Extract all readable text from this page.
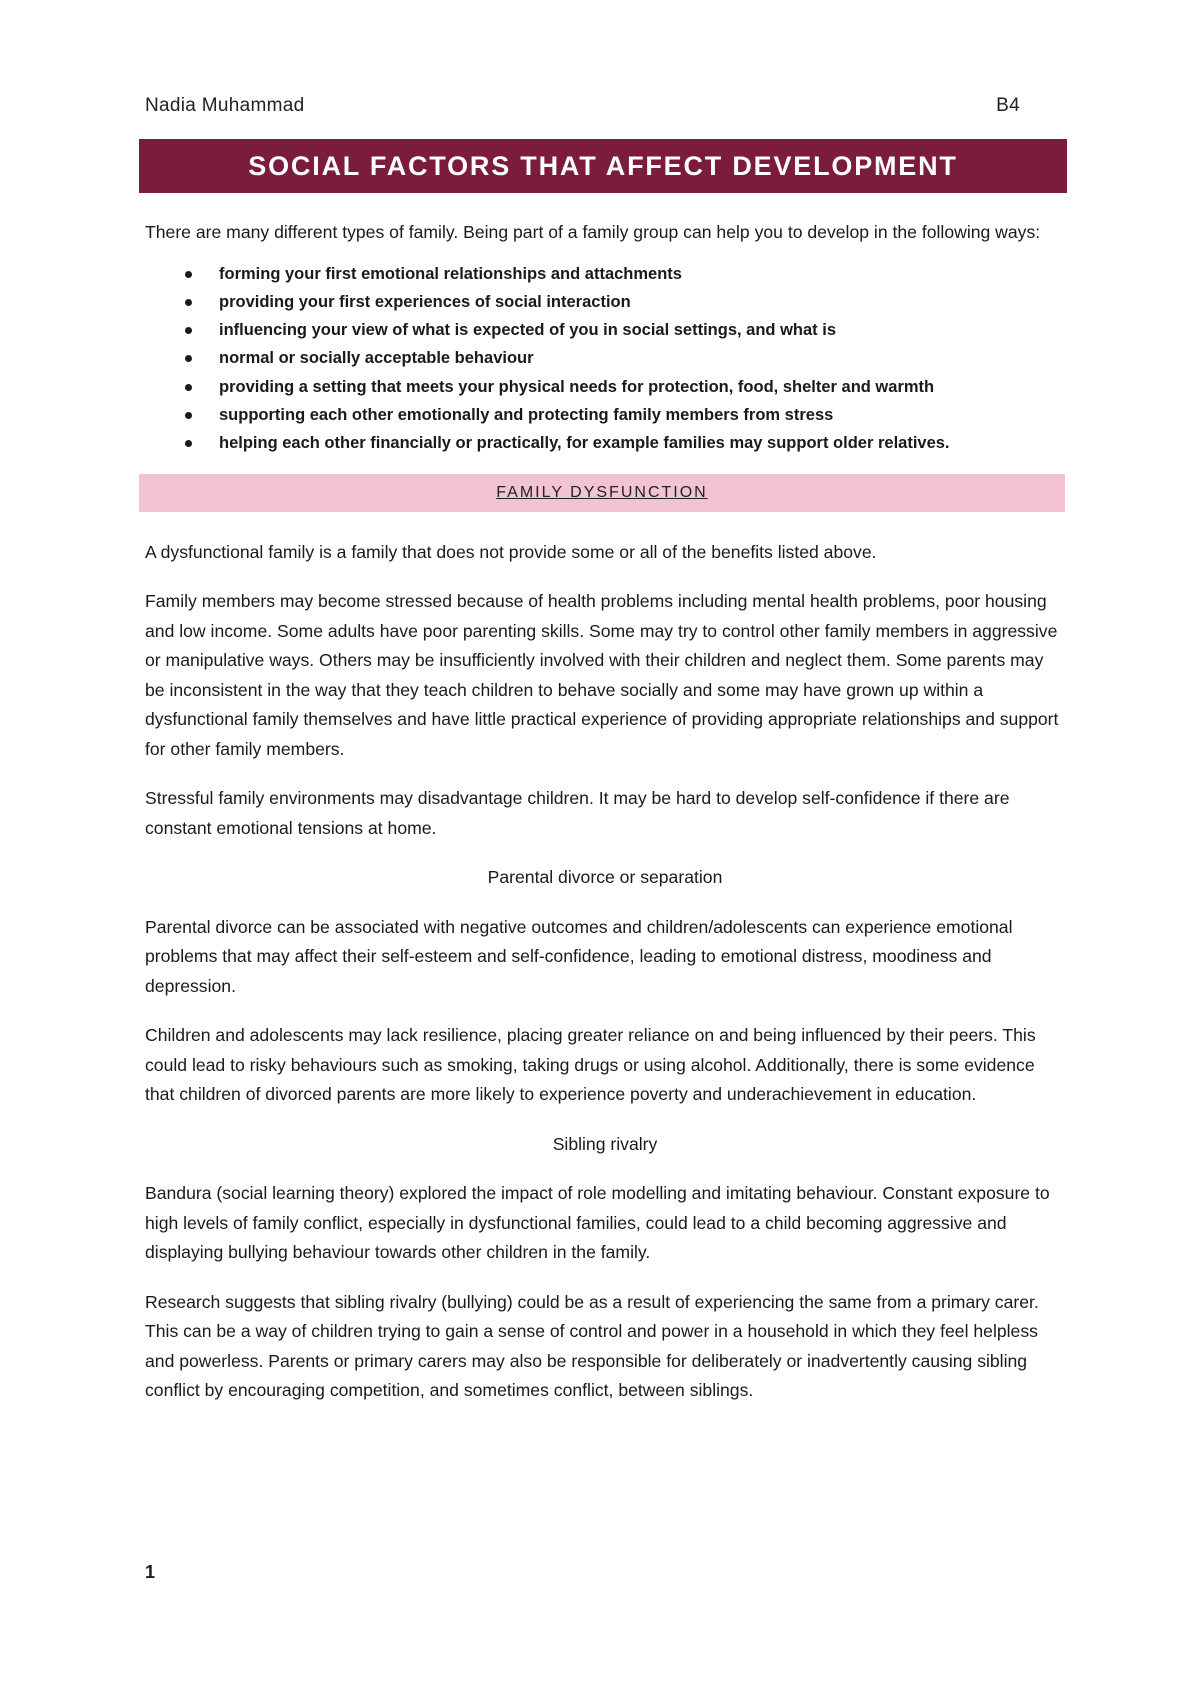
Nadia Muhammad	B4
SOCIAL FACTORS THAT AFFECT DEVELOPMENT

There are many different types of family. Being part of a family group can help you to develop in the following ways:

forming your first emotional relationships and attachments
providing your first experiences of social interaction
influencing your view of what is expected of you in social settings, and what is
normal or socially acceptable behaviour
providing a setting that meets your physical needs for protection, food, shelter and warmth
supporting each other emotionally and protecting family members from stress
helping each other financially or practically, for example families may support older relatives.
FAMILY DYSFUNCTION

A dysfunctional family is a family that does not provide some or all of the benefits listed above.

Family members may become stressed because of health problems including mental health problems, poor housing and low income. Some adults have poor parenting skills. Some may try to control other family members in aggressive or manipulative ways. Others may be insufficiently involved with their children and neglect them. Some parents may be inconsistent in the way that they teach children to behave socially and some may have grown up within a dysfunctional family themselves and have little practical experience of providing appropriate relationships and support for other family members.

Stressful family environments may disadvantage children. It may be hard to develop self-confidence if there are constant emotional tensions at home.

Parental divorce or separation

Parental divorce can be associated with negative outcomes and children/adolescents can experience emotional problems that may affect their self-esteem and self-confidence, leading to emotional distress, moodiness and depression.

Children and adolescents may lack resilience, placing greater reliance on and being influenced by their peers. This could lead to risky behaviours such as smoking, taking drugs or using alcohol. Additionally, there is some evidence that children of divorced parents are more likely to experience poverty and underachievement in education.

Sibling rivalry

Bandura (social learning theory) explored the impact of role modelling and imitating behaviour. Constant exposure to high levels of family conflict, especially in dysfunctional families, could lead to a child becoming aggressive and displaying bullying behaviour towards other children in the family.

Research suggests that sibling rivalry (bullying) could be as a result of experiencing the same from a primary carer. This can be a way of children trying to gain a sense of control and power in a household in which they feel helpless and powerless. Parents or primary carers may also be responsible for deliberately or inadvertently causing sibling conflict by encouraging competition, and sometimes conflict, between siblings.

1
